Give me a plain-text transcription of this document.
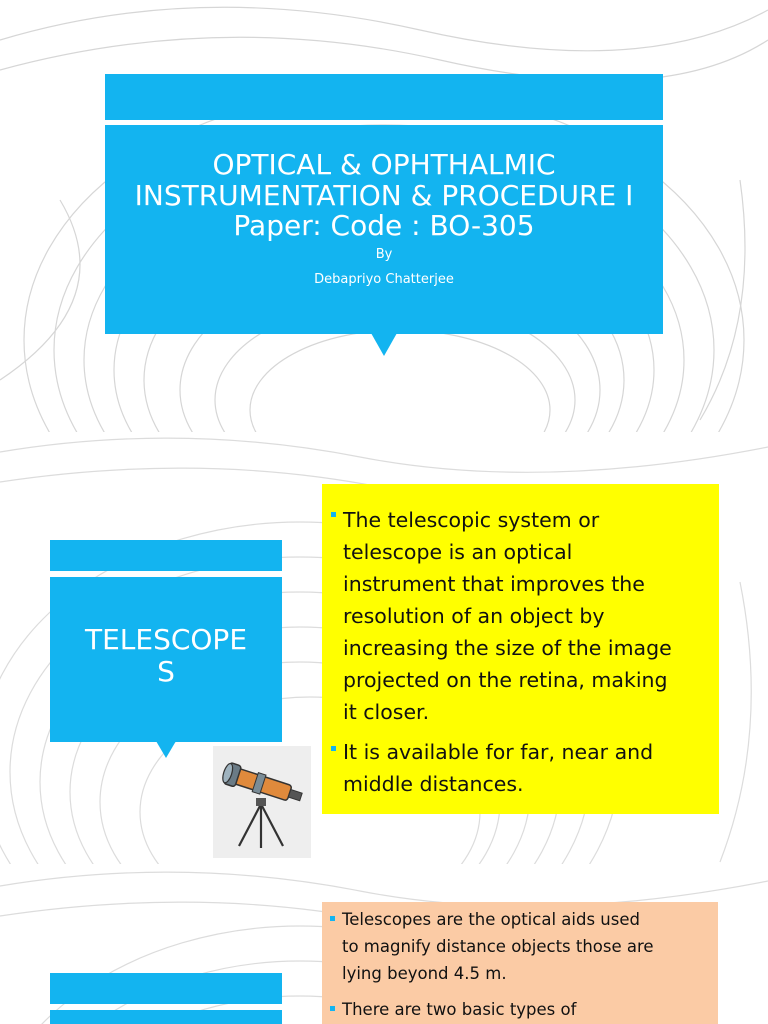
OPTICAL & OPHTHALMIC
INSTRUMENTATION & PROCEDURE I
Paper: Code : BO-305
By
Debapriyo Chatterjee
TELESCOPE
S
The telescopic system or
telescope is an optical
instrument that improves the
resolution of an object by
increasing the size of the image
projected on the retina, making
it closer.
It is available for far, near and
middle distances.
Telescopes are the optical aids used
to magnify distance objects those are
lying beyond 4.5 m.
There are two basic types of
